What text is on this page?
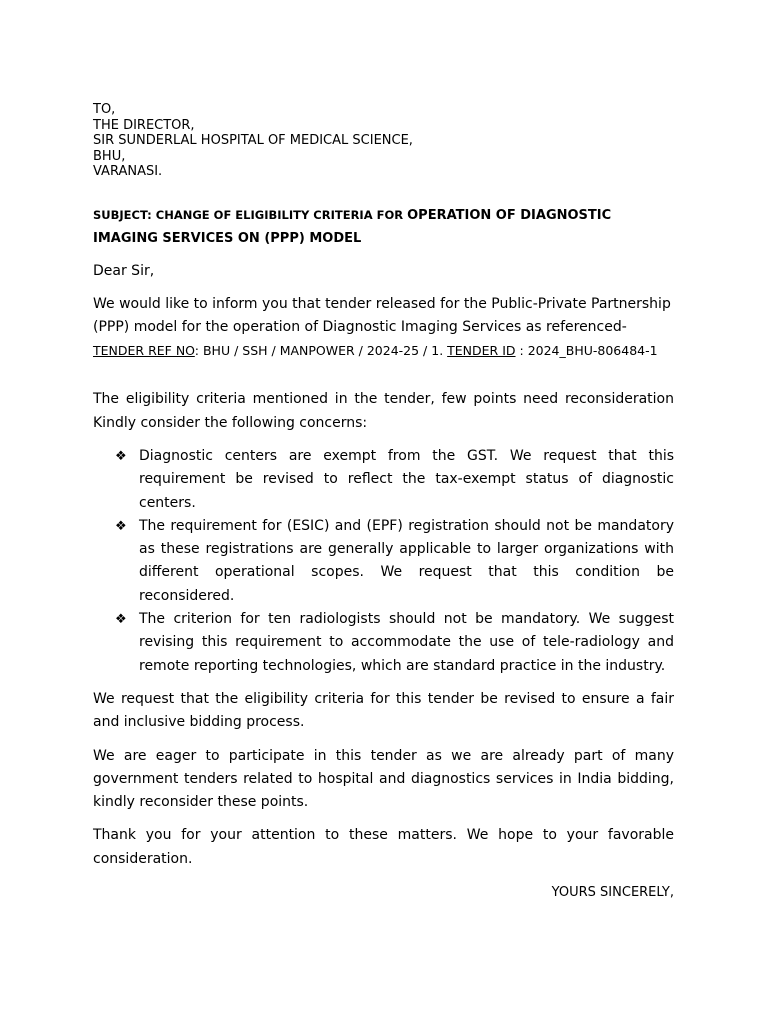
TO,
THE DIRECTOR,
SIR SUNDERLAL HOSPITAL OF MEDICAL SCIENCE,
BHU,
VARANASI.
SUBJECT: CHANGE OF ELIGIBILITY CRITERIA FOR OPERATION OF DIAGNOSTIC IMAGING SERVICES ON (PPP) MODEL
Dear Sir,
We would like to inform you that tender released for the Public-Private Partnership (PPP) model for the operation of Diagnostic Imaging Services as referenced- TENDER REF NO: BHU / SSH / MANPOWER / 2024-25 / 1. TENDER ID : 2024_BHU-806484-1
The eligibility criteria mentioned in the tender, few points need reconsideration Kindly consider the following concerns:
❖ Diagnostic centers are exempt from the GST. We request that this requirement be revised to reflect the tax-exempt status of diagnostic centers.
❖ The requirement for (ESIC) and (EPF) registration should not be mandatory as these registrations are generally applicable to larger organizations with different operational scopes. We request that this condition be reconsidered.
❖ The criterion for ten radiologists should not be mandatory. We suggest revising this requirement to accommodate the use of tele-radiology and remote reporting technologies, which are standard practice in the industry.
We request that the eligibility criteria for this tender be revised to ensure a fair and inclusive bidding process.
We are eager to participate in this tender as we are already part of many government tenders related to hospital and diagnostics services in India bidding, kindly reconsider these points.
Thank you for your attention to these matters. We hope to your favorable consideration.
YOURS SINCERELY,
